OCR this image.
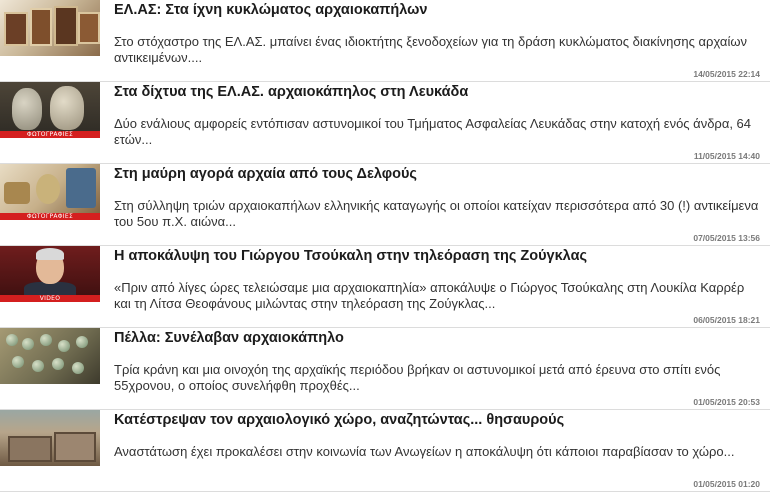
ΕΛ.ΑΣ: Στα ίχνη κυκλώματος αρχαιοκαπήλων
Στο στόχαστρο της ΕΛ.ΑΣ. μπαίνει ένας ιδιοκτήτης ξενοδοχείων για τη δράση κυκλώματος διακίνησης αρχαίων αντικειμένων....
14/05/2015 22:14
ΦΩΤΟΓΡΑΦΙΕΣ
Στα δίχτυα της ΕΛ.ΑΣ. αρχαιοκάπηλος στη Λευκάδα
Δύο ενάλιους αμφορείς εντόπισαν αστυνομικοί του Τμήματος Ασφαλείας Λευκάδας στην κατοχή ενός άνδρα, 64 ετών...
11/05/2015 14:40
ΦΩΤΟΓΡΑΦΙΕΣ
Στη μαύρη αγορά αρχαία από τους Δελφούς
Στη σύλληψη τριών αρχαιοκαπήλων ελληνικής καταγωγής οι οποίοι κατείχαν περισσότερα από 30 (!) αντικείμενα του 5ου π.Χ. αιώνα...
07/05/2015 13:56
VIDEO
Η αποκάλυψη του Γιώργου Τσούκαλη στην τηλεόραση της Ζούγκλας
«Πριν από λίγες ώρες τελειώσαμε μια αρχαιοκαπηλία» αποκάλυψε ο Γιώργος Τσούκαλης στη Λουκίλα Καρρέρ και τη Λίτσα Θεοφάνους μιλώντας στην τηλεόραση της Ζούγκλας...
06/05/2015 18:21
Πέλλα: Συνέλαβαν αρχαιοκάπηλο
Τρία κράνη και μια οινοχόη της αρχαϊκής περιόδου βρήκαν οι αστυνομικοί μετά από έρευνα στο σπίτι ενός 55χρονου, ο οποίος συνελήφθη προχθές...
01/05/2015 20:53
Κατέστρεψαν τον αρχαιολογικό χώρο, αναζητώντας... θησαυρούς
Αναστάτωση έχει προκαλέσει στην κοινωνία των Ανωγείων η αποκάλυψη ότι κάποιοι παραβίασαν το χώρο...
01/05/2015 01:20
